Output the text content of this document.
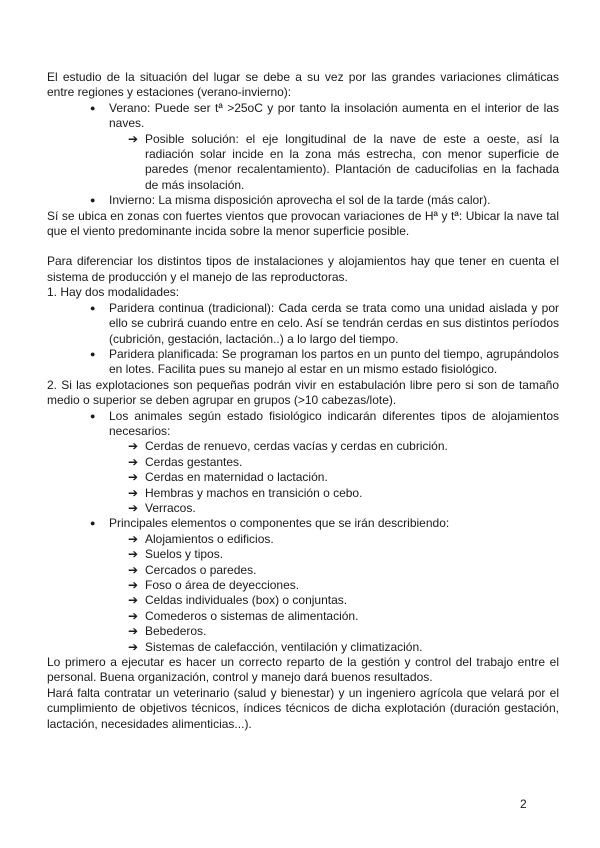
El estudio de la situación del lugar se debe a su vez por las grandes variaciones climáticas entre regiones y estaciones (verano-invierno):

●	Verano: Puede ser tª >25oC y por tanto la insolación aumenta en el interior de las naves.
➔ Posible solución: el eje longitudinal de la nave de este a oeste, así la radiación solar incide en la zona más estrecha, con menor superficie de paredes (menor recalentamiento). Plantación de caducifolias en la fachada de más insolación.
●	Invierno: La misma disposición aprovecha el sol de la tarde (más calor).

Sí se ubica en zonas con fuertes vientos que provocan variaciones de Hª y tª: Ubicar la nave tal que el viento predominante incida sobre la menor superficie posible.

Para diferenciar los distintos tipos de instalaciones y alojamientos hay que tener en cuenta el sistema de producción y el manejo de las reproductoras.

1. Hay dos modalidades:

●	Paridera continua (tradicional): Cada cerda se trata como una unidad aislada y por ello se cubrirá cuando entre en celo. Así se tendrán cerdas en sus distintos períodos (cubrición, gestación, lactación..) a lo largo del tiempo.
●	Paridera planificada: Se programan los partos en un punto del tiempo, agrupándolos en lotes. Facilita pues su manejo al estar en un mismo estado fisiológico.

2. Si las explotaciones son pequeñas podrán vivir en estabulación libre pero si son de tamaño medio o superior se deben agrupar en grupos (>10 cabezas/lote).

●	Los animales según estado fisiológico indicarán diferentes tipos de alojamientos necesarios:
➔ Cerdas de renuevo, cerdas vacías y cerdas en cubrición.
➔ Cerdas gestantes.
➔ Cerdas en maternidad o lactación.
➔ Hembras y machos en transición o cebo.
➔ Verracos.
●	Principales elementos o componentes que se irán describiendo:
➔ Alojamientos o edificios.
➔ Suelos y tipos.
➔ Cercados o paredes.
➔ Foso o área de deyecciones.
➔ Celdas individuales (box) o conjuntas.
➔ Comederos o sistemas de alimentación.
➔ Bebederos.
➔ Sistemas de calefacción, ventilación y climatización.

Lo primero a ejecutar es hacer un correcto reparto de la gestión y control del trabajo entre el personal. Buena organización, control y manejo dará buenos resultados.

Hará falta contratar un veterinario (salud y bienestar) y un ingeniero agrícola que velará por el cumplimiento de objetivos técnicos, índices técnicos de dicha explotación (duración gestación, lactación, necesidades alimenticias...).

2
